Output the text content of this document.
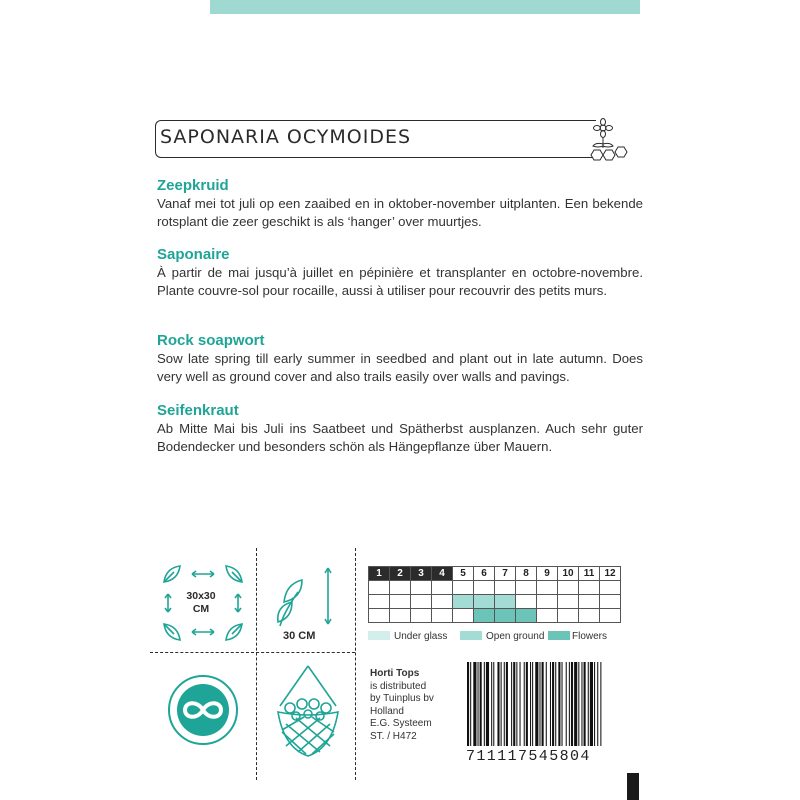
SAPONARIA OCYMOIDES
Zeepkruid

Vanaf mei tot juli op een zaaibed en in oktober-november uitplanten. Een bekende rotsplant die zeer geschikt is als ‘hanger’ over muurtjes.

Saponaire

À partir de mai jusqu’à juillet en pépinière et transplanter en octobre-novembre. Plante couvre-sol pour rocaille, aussi à utiliser pour recouvrir des petits murs.

Rock soapwort

Sow late spring till early summer in seedbed and plant out in late autumn. Does very well as ground cover and also trails easily over walls and pavings.

Seifenkraut

Ab Mitte Mai bis Juli ins Saatbeet und Spätherbst ausplanzen. Auch sehr guter Bodendecker und besonders schön als Hängepflanze über Mauern.

30x30
CM
30 CM
1	2	3	4	5	6	7	8	9	10	11	12

Under glass	Open ground	Flowers
Horti Tops
is distributed
by Tuinplus bv
Holland
E.G. Systeem
ST. / H472
711117545804
